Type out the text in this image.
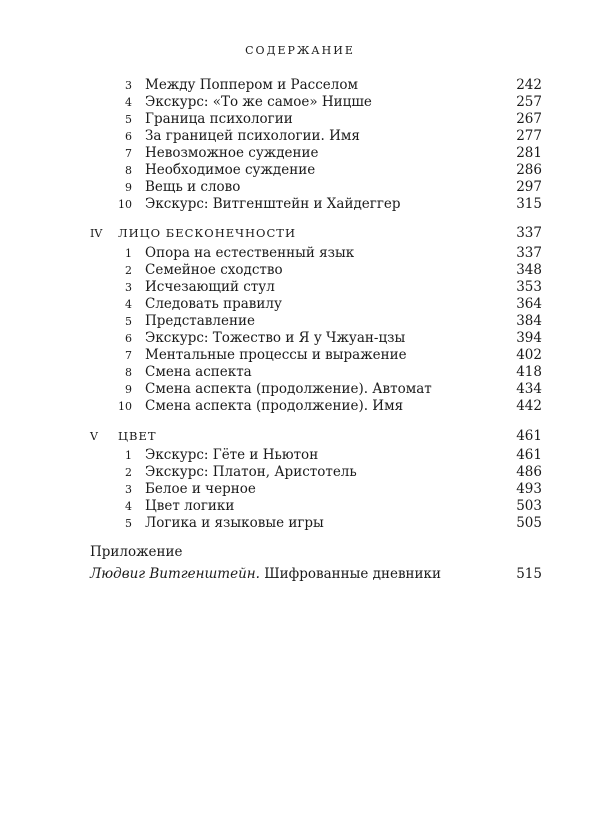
СОДЕРЖАНИЕ
3 Между Поппером и Расселом	242
4 Экскурс: «То же самое» Ницше	257
5 Граница психологии	267
6 За границей психологии. Имя	277
7 Невозможное суждение	281
8 Необходимое суждение	286
9 Вещь и слово	297
10 Экскурс: Витгенштейн и Хайдеггер	315
IV ЛИЦО БЕСКОНЕЧНОСТИ	337
1 Опора на естественный язык	337
2 Семейное сходство	348
3 Исчезающий стул	353
4 Следовать правилу	364
5 Представление	384
6 Экскурс: Тожество и Я у Чжуан-цзы	394
7 Ментальные процессы и выражение	402
8 Смена аспекта	418
9 Смена аспекта (продолжение). Автомат	434
10 Смена аспекта (продолжение). Имя	442
V ЦВЕТ	461
1 Экскурс: Гёте и Ньютон	461
2 Экскурс: Платон, Аристотель	486
3 Белое и черное	493
4 Цвет логики	503
5 Логика и языковые игры	505
Приложение
Людвиг Витгенштейн. Шифрованные дневники	515
